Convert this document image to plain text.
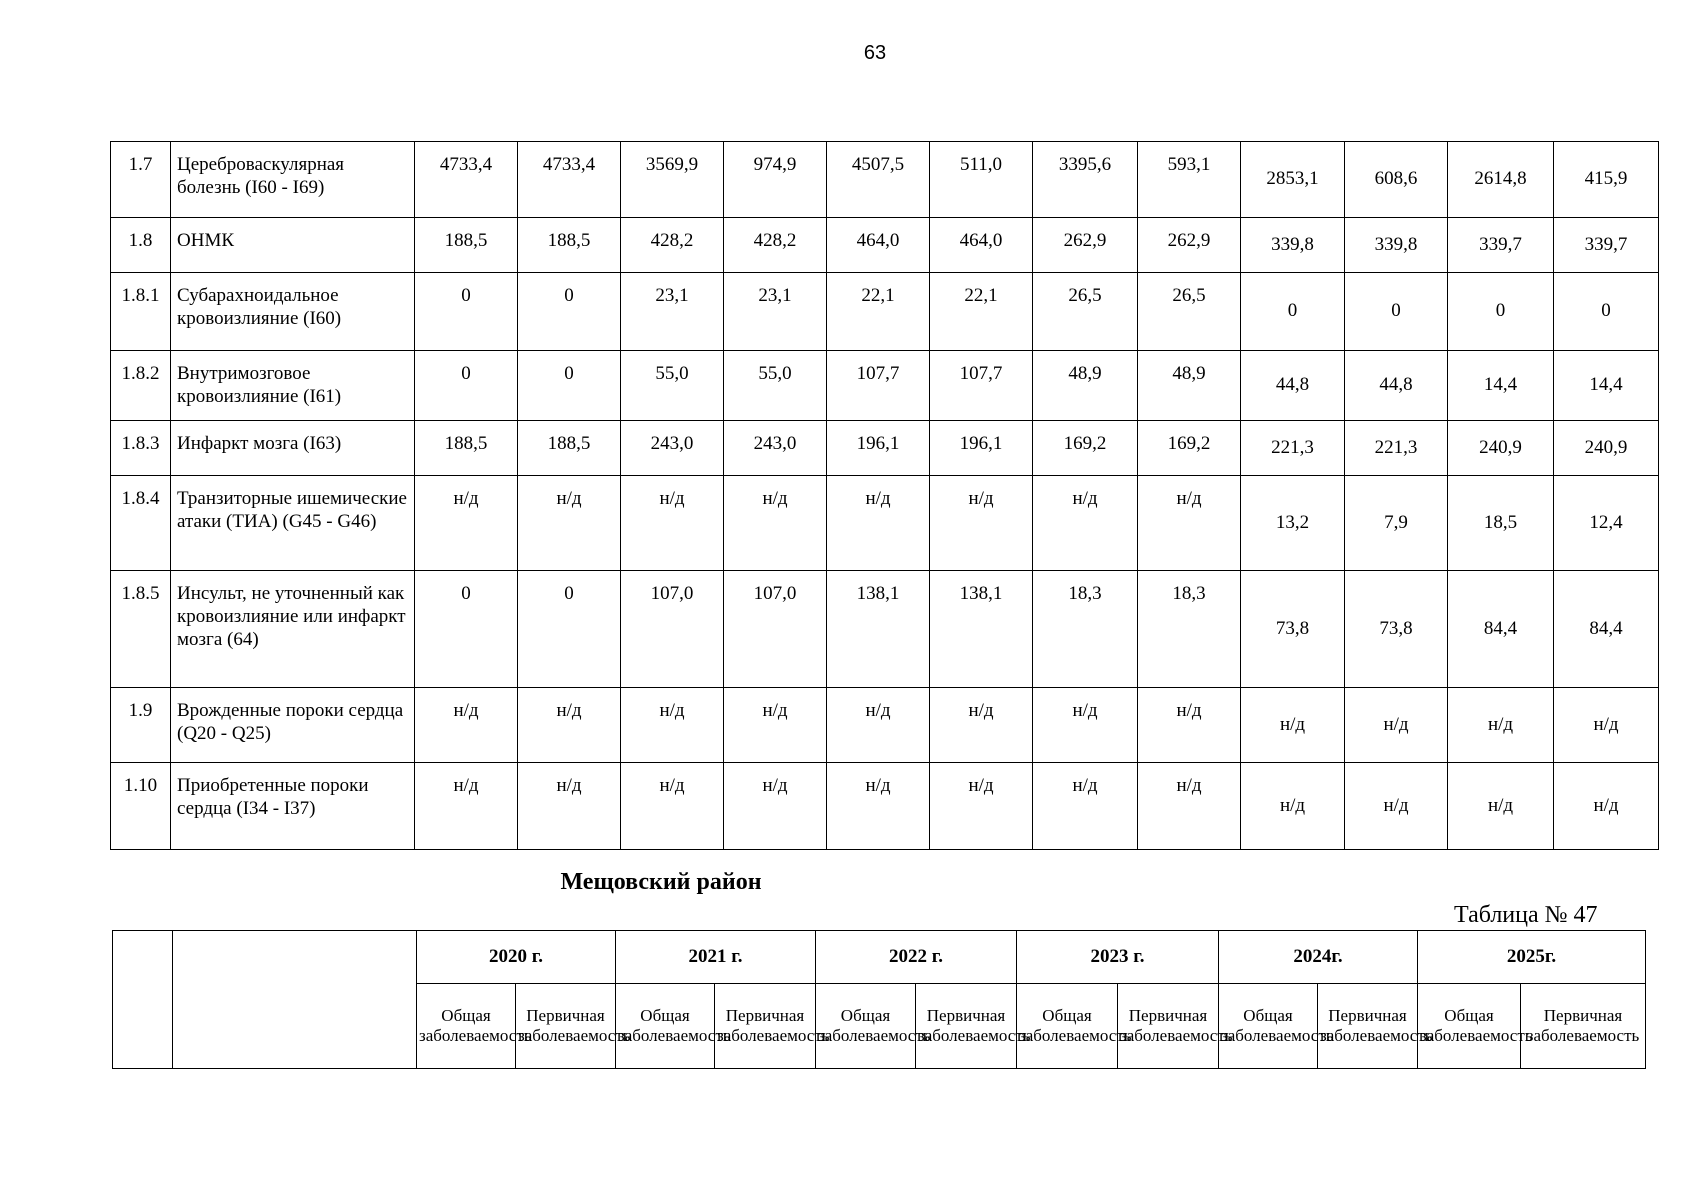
63
1.7	Цереброваскулярная болезнь (I60 - I69)	4733,4	4733,4	3569,9	974,9	4507,5	511,0	3395,6	593,1	2853,1	608,6	2614,8	415,9
1.8	ОНМК	188,5	188,5	428,2	428,2	464,0	464,0	262,9	262,9	339,8	339,8	339,7	339,7
1.8.1	Субарахноидальное кровоизлияние (I60)	0	0	23,1	23,1	22,1	22,1	26,5	26,5	0	0	0	0
1.8.2	Внутримозговое кровоизлияние (I61)	0	0	55,0	55,0	107,7	107,7	48,9	48,9	44,8	44,8	14,4	14,4
1.8.3	Инфаркт мозга (I63)	188,5	188,5	243,0	243,0	196,1	196,1	169,2	169,2	221,3	221,3	240,9	240,9
1.8.4	Транзиторные ишемические атаки (ТИА) (G45 - G46)	н/д	н/д	н/д	н/д	н/д	н/д	н/д	н/д	13,2	7,9	18,5	12,4
1.8.5	Инсульт, не уточненный как кровоизлияние или инфаркт мозга (64)	0	0	107,0	107,0	138,1	138,1	18,3	18,3	73,8	73,8	84,4	84,4
1.9	Врожденные пороки сердца (Q20 - Q25)	н/д	н/д	н/д	н/д	н/д	н/д	н/д	н/д	н/д	н/д	н/д	н/д
1.10	Приобретенные пороки сердца (I34 - I37)	н/д	н/д	н/д	н/д	н/д	н/д	н/д	н/д	н/д	н/д	н/д	н/д
Мещовский район
Таблица № 47
		2020 г.		2021 г.		2022 г.		2023 г.		2024г.		2025г.	
		Общая заболеваемость	Первичная заболеваемость	Общая заболеваемость	Первичная заболеваемость	Общая заболеваемость	Первичная заболеваемость	Общая заболеваемость	Первичная заболеваемость	Общая заболеваемость	Первичная заболеваемость	Общая заболеваемость	Первичная заболеваемость
